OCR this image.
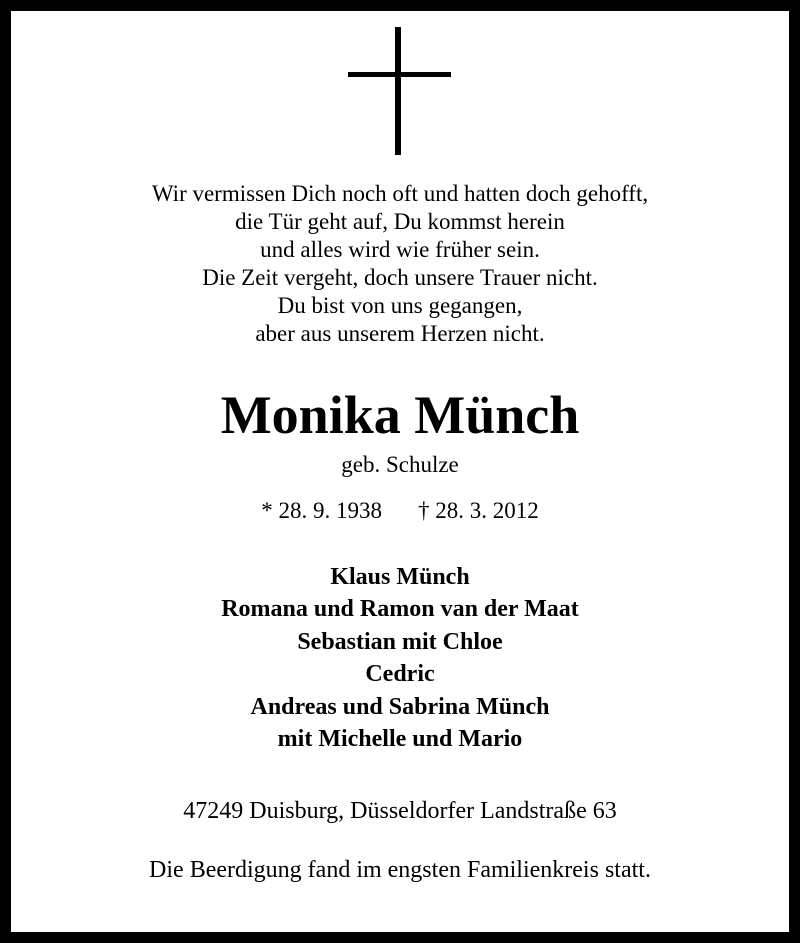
Wir vermissen Dich noch oft und hatten doch gehofft,
die Tür geht auf, Du kommst herein
und alles wird wie früher sein.
Die Zeit vergeht, doch unsere Trauer nicht.
Du bist von uns gegangen,
aber aus unserem Herzen nicht.
Monika Münch
geb. Schulze
* 28. 9. 1938 † 28. 3. 2012
Klaus Münch
Romana und Ramon van der Maat
Sebastian mit Chloe
Cedric
Andreas und Sabrina Münch
mit Michelle und Mario
47249 Duisburg, Düsseldorfer Landstraße 63
Die Beerdigung fand im engsten Familienkreis statt.
